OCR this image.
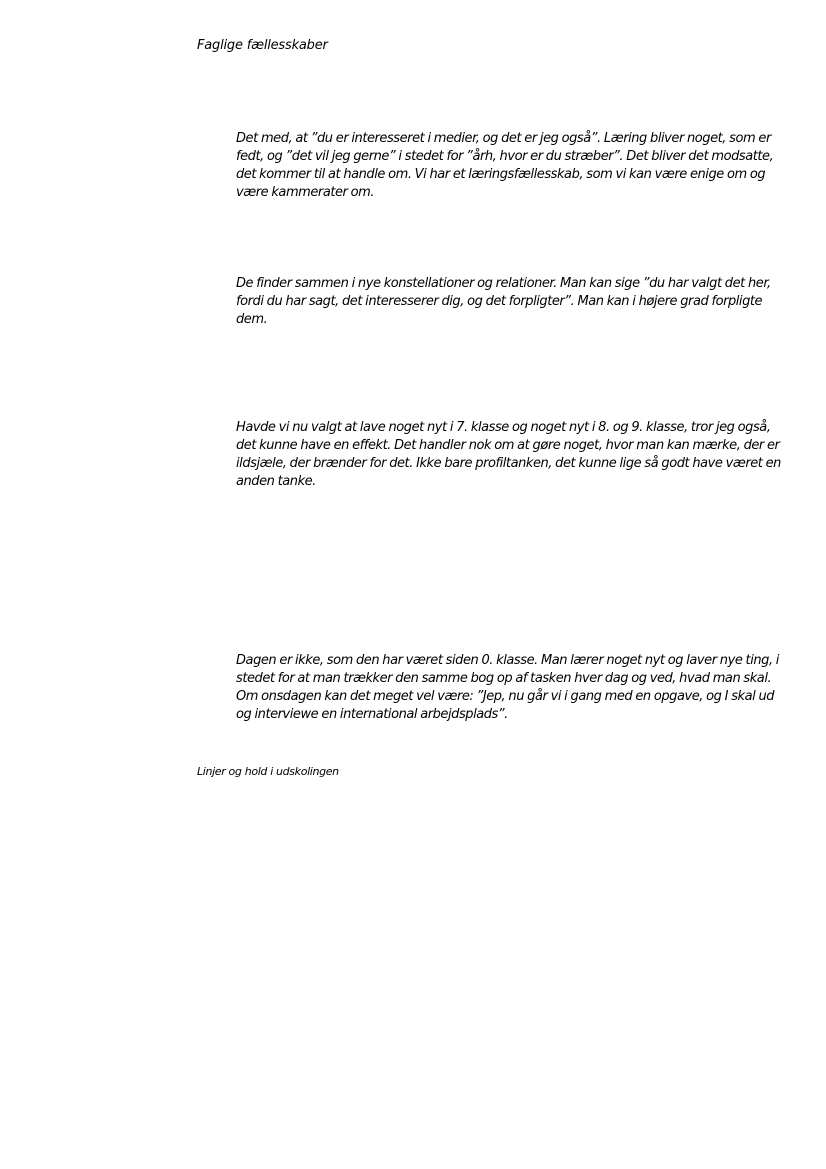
Faglige fællesskaber

Det med, at ”du er interesseret i medier, og det er jeg også”. Læring bliver noget, som er fedt, og ”det vil jeg gerne” i stedet for ”årh, hvor er du stræber”. Det bliver det modsatte, det kommer til at handle om. Vi har et læringsfællesskab, som vi kan være enige om og være kammerater om.

De finder sammen i nye konstellationer og relationer. Man kan sige ”du har valgt det her, fordi du har sagt, det interesserer dig, og det forpligter”. Man kan i højere grad forpligte dem.

Havde vi nu valgt at lave noget nyt i 7. klasse og noget nyt i 8. og 9. klasse, tror jeg også, det kunne have en effekt. Det handler nok om at gøre noget, hvor man kan mærke, der er ildsjæle, der brænder for det. Ikke bare profiltanken, det kunne lige så godt have været en anden tanke.

Dagen er ikke, som den har været siden 0. klasse. Man lærer noget nyt og laver nye ting, i stedet for at man trækker den samme bog op af tasken hver dag og ved, hvad man skal. Om onsdagen kan det meget vel være: ”Jep, nu går vi i gang med en opgave, og I skal ud og interviewe en international arbejdsplads”.

Linjer og hold i udskolingen
